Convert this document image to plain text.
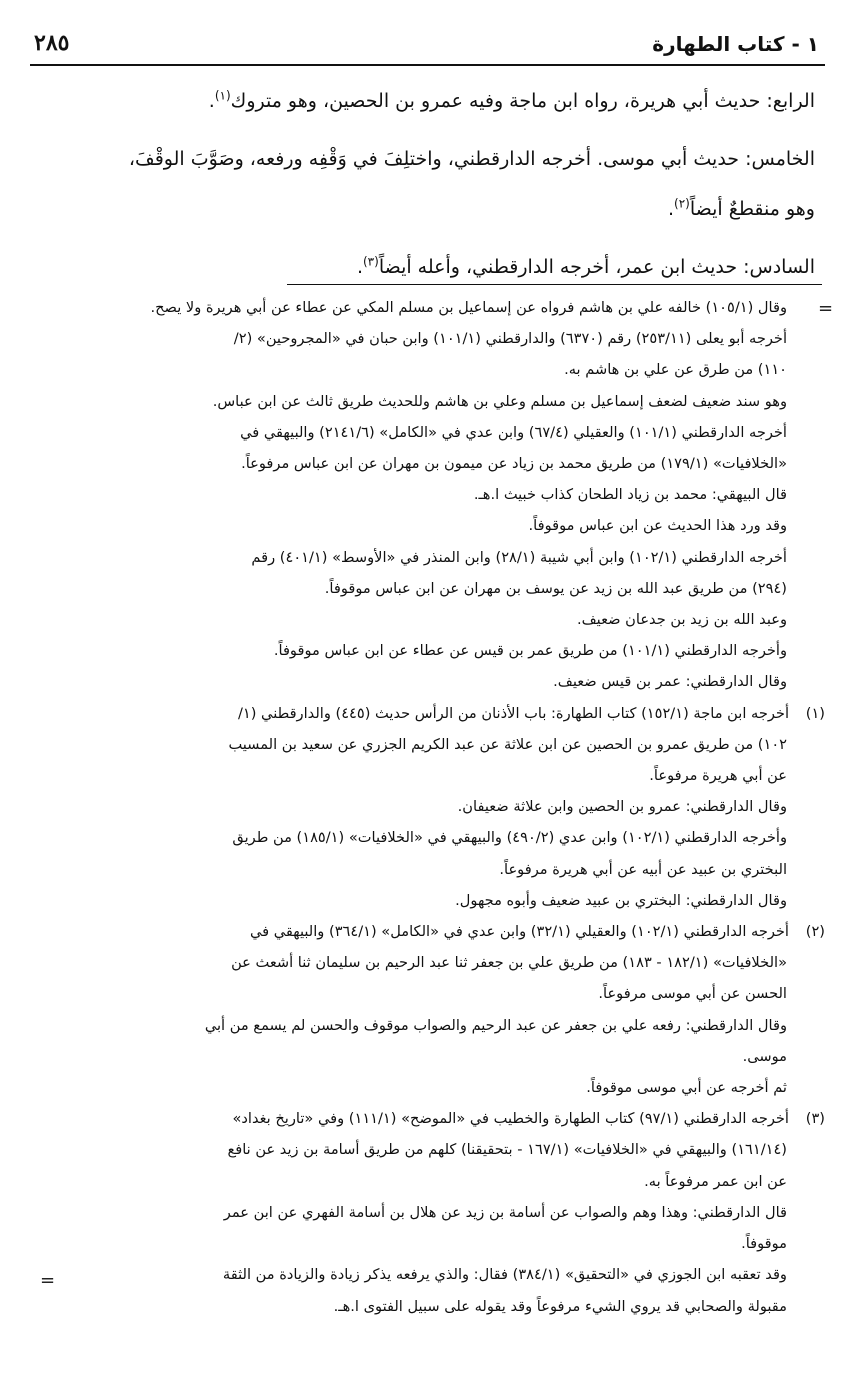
١ - كتاب الطهارة
٢٨٥

الرابع: حديث أبي هريرة، رواه ابن ماجة وفيه عمرو بن الحصين، وهو متروك$^{(١)}$.

الخامس: حديث أبي موسى. أخرجه الدارقطني، واختلِفَ في وَقْفِه ورفعه، وصَوَّبَ الوقْفَ،

وهو منقطعٌ أيضاً$^{(٢)}$.

السادس: حديث ابن عمر، أخرجه الدارقطني، وأعله أيضاً$^{(٣)}$.

=
=
وقال (١٠٥/١) خالفه علي بن هاشم فرواه عن إسماعيل بن مسلم المكي عن عطاء عن أبي هريرة ولا يصح.
أخرجه أبو يعلى (٢٥٣/١١) رقم (٦٣٧٠) والدارقطني (١٠١/١) وابن حبان في «المجروحين» (٢/
١١٠) من طرق عن علي بن هاشم به.
وهو سند ضعيف لضعف إسماعيل بن مسلم وعلي بن هاشم وللحديث طريق ثالث عن ابن عباس.
أخرجه الدارقطني (١٠١/١) والعقيلي (٦٧/٤) وابن عدي في «الكامل» (٢١٤١/٦) والبيهقي في
«الخلافيات» (١٧٩/١) من طريق محمد بن زياد عن ميمون بن مهران عن ابن عباس مرفوعاً.
قال البيهقي: محمد بن زياد الطحان كذاب خبيث ا.هـ.
وقد ورد هذا الحديث عن ابن عباس موقوفاً.
أخرجه الدارقطني (١٠٢/١) وابن أبي شيبة (٢٨/١) وابن المنذر في «الأوسط» (٤٠١/١) رقم
(٢٩٤) من طريق عبد الله بن زيد عن يوسف بن مهران عن ابن عباس موقوفاً.
وعبد الله بن زيد بن جدعان ضعيف.
وأخرجه الدارقطني (١٠١/١) من طريق عمر بن قيس عن عطاء عن ابن عباس موقوفاً.
وقال الدارقطني: عمر بن قيس ضعيف.
(١)أخرجه ابن ماجة (١٥٢/١) كتاب الطهارة: باب الأذنان من الرأس حديث (٤٤٥) والدارقطني (١/
١٠٢) من طريق عمرو بن الحصين عن ابن علاثة عن عبد الكريم الجزري عن سعيد بن المسيب
عن أبي هريرة مرفوعاً.
وقال الدارقطني: عمرو بن الحصين وابن علاثة ضعيفان.
وأخرجه الدارقطني (١٠٢/١) وابن عدي (٤٩٠/٢) والبيهقي في «الخلافيات» (١٨٥/١) من طريق
البختري بن عبيد عن أبيه عن أبي هريرة مرفوعاً.
وقال الدارقطني: البختري بن عبيد ضعيف وأبوه مجهول.
(٢)أخرجه الدارقطني (١٠٢/١) والعقيلي (٣٢/١) وابن عدي في «الكامل» (٣٦٤/١) والبيهقي في
«الخلافيات» (١٨٢/١ - ١٨٣) من طريق علي بن جعفر ثنا عبد الرحيم بن سليمان ثنا أشعث عن
الحسن عن أبي موسى مرفوعاً.
وقال الدارقطني: رفعه علي بن جعفر عن عبد الرحيم والصواب موقوف والحسن لم يسمع من أبي
موسى.
ثم أخرجه عن أبي موسى موقوفاً.
(٣)أخرجه الدارقطني (٩٧/١) كتاب الطهارة والخطيب في «الموضح» (١١١/١) وفي «تاريخ بغداد»
(١٦١/١٤) والبيهقي في «الخلافيات» (١٦٧/١ - بتحقيقنا) كلهم من طريق أسامة بن زيد عن نافع
عن ابن عمر مرفوعاً به.
قال الدارقطني: وهذا وهم والصواب عن أسامة بن زيد عن هلال بن أسامة الفهري عن ابن عمر
موقوفاً.
وقد تعقبه ابن الجوزي في «التحقيق» (٣٨٤/١) فقال: والذي يرفعه يذكر زيادة والزيادة من الثقة
مقبولة والصحابي قد يروي الشيء مرفوعاً وقد يقوله على سبيل الفتوى ا.هـ.
